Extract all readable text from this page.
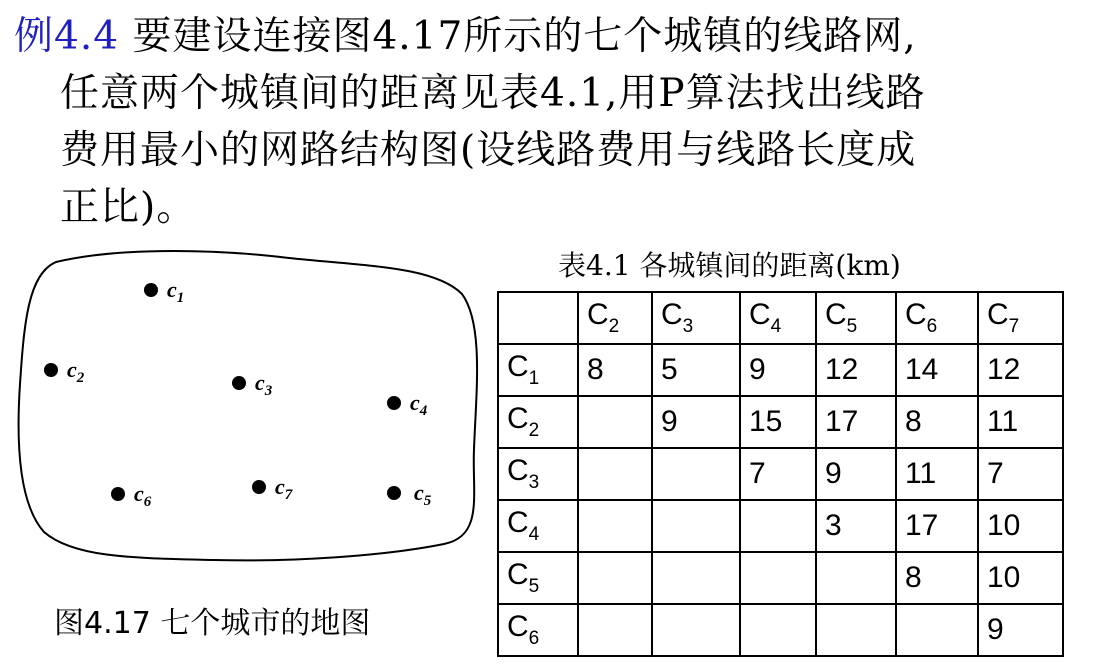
例4.4 要建设连接图4.17所示的七个城镇的线路网,
任意两个城镇间的距离见表4.1,用P算法找出线路
费用最小的网路结构图(设线路费用与线路长度成
正比)。
$c_1$
$c_2$	$c_3$	$c_4$
$c_5$
$c_6$
$c_7$
图4.17 七个城市的地图
表4.1 各城镇间的距离(km)
	$C_2$	$C_3$	$C_4$	$C_5$	$C_6$	$C_7$
$C_1$	8	5	9	12	14	12
$C_2$		9	15	17	8	11
$C_3$			7	9	11	7
$C_4$				3	17	10
$C_5$					8	10
$C_6$						9
